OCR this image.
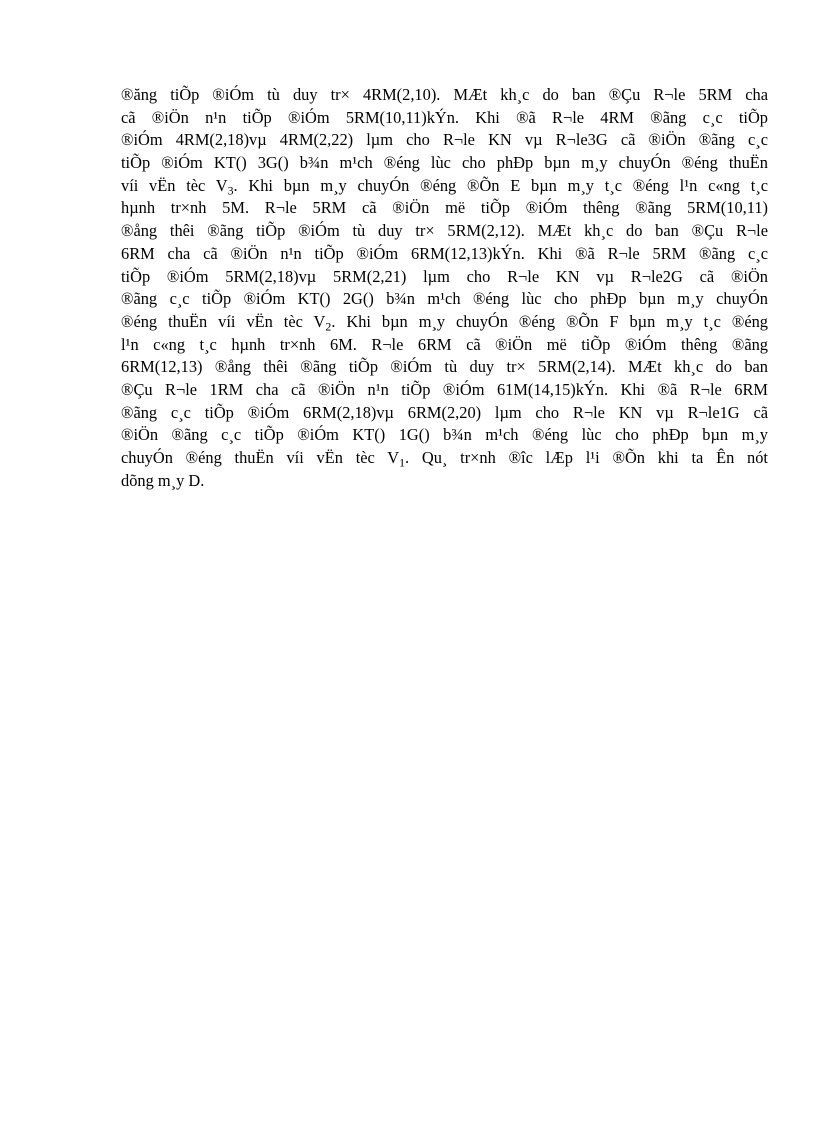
®ăng tiÕp ®iÓm tù duy tr× 4RM(2,10). MÆt kh¸c do ban ®Çu R¬le 5RM cha
cã ®iÖn n¹n tiÕp ®iÓm 5RM(10,11)kÝn. Khi ®ã R¬le 4RM ®ãng c¸c tiÕp
®iÓm 4RM(2,18)vµ 4RM(2,22) lµm cho R¬le KN vµ R¬le3G cã ®iÖn ®ãng c¸c
tiÕp ®iÓm KT() 3G() b¾n m¹ch ®éng lùc cho phÐp bµn m¸y chuyÓn ®éng thuËn
víi vËn tèc $V_3$. Khi bµn m¸y chuyÓn ®éng ®Õn E bµn m¸y t¸c ®éng l¹n c«ng t¸c
hµnh tr×nh 5M. R¬le 5RM cã ®iÖn më tiÕp ®iÓm thêng ®ãng 5RM(10,11)
®ång thêi ®ãng tiÕp ®iÓm tù duy tr× 5RM(2,12). MÆt kh¸c do ban ®Çu R¬le
6RM cha cã ®iÖn n¹n tiÕp ®iÓm 6RM(12,13)kÝn. Khi ®ã R¬le 5RM ®ãng c¸c
tiÕp ®iÓm 5RM(2,18)vµ 5RM(2,21) lµm cho R¬le KN vµ R¬le2G cã ®iÖn
®ãng c¸c tiÕp ®iÓm KT() 2G() b¾n m¹ch ®éng lùc cho phÐp bµn m¸y chuyÓn
®éng thuËn víi vËn tèc $V_2$. Khi bµn m¸y chuyÓn ®éng ®Õn F bµn m¸y t¸c ®éng
l¹n c«ng t¸c hµnh tr×nh 6M. R¬le 6RM cã ®iÖn më tiÕp ®iÓm thêng ®ãng
6RM(12,13) ®ång thêi ®ãng tiÕp ®iÓm tù duy tr× 5RM(2,14). MÆt kh¸c do ban
®Çu R¬le 1RM cha cã ®iÖn n¹n tiÕp ®iÓm 61M(14,15)kÝn. Khi ®ã R¬le 6RM
®ãng c¸c tiÕp ®iÓm 6RM(2,18)vµ 6RM(2,20) lµm cho R¬le KN vµ R¬le1G cã
®iÖn ®ãng c¸c tiÕp ®iÓm KT() 1G() b¾n m¹ch ®éng lùc cho phÐp bµn m¸y
chuyÓn ®éng thuËn víi vËn tèc $V_1$. Qu¸ tr×nh ®îc lÆp l¹i ®Õn khi ta Ên nót
dõng m¸y D.
